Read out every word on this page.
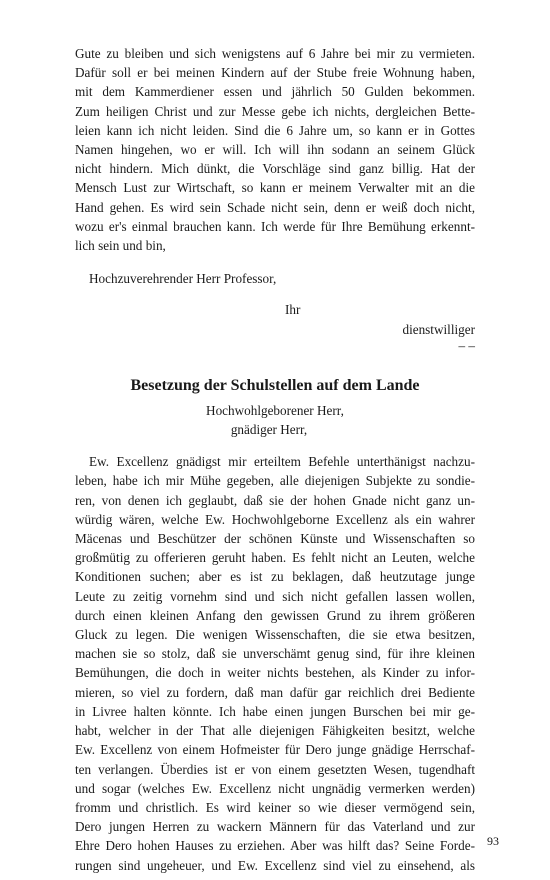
Gute zu bleiben und sich wenigstens auf 6 Jahre bei mir zu vermieten.
Dafür soll er bei meinen Kindern auf der Stube freie Wohnung haben,
mit dem Kammerdiener essen und jährlich 50 Gulden bekommen.
Zum heiligen Christ und zur Messe gebe ich nichts, dergleichen Bette-
leien kann ich nicht leiden. Sind die 6 Jahre um, so kann er in Gottes
Namen hingehen, wo er will. Ich will ihn sodann an seinem Glück
nicht hindern. Mich dünkt, die Vorschläge sind ganz billig. Hat der
Mensch Lust zur Wirtschaft, so kann er meinem Verwalter mit an die
Hand gehen. Es wird sein Schade nicht sein, denn er weiß doch nicht,
wozu er's einmal brauchen kann. Ich werde für Ihre Bemühung erkennt-
lich sein und bin,

Hochzuverehrender Herr Professor,

Ihr

dienstwilliger

– –

Besetzung der Schulstellen auf dem Lande

Hochwohlgeborener Herr,
gnädiger Herr,

Ew. Excellenz gnädigst mir erteiltem Befehle unterthänigst nachzu-
leben, habe ich mir Mühe gegeben, alle diejenigen Subjekte zu sondie-
ren, von denen ich geglaubt, daß sie der hohen Gnade nicht ganz un-
würdig wären, welche Ew. Hochwohlgeborne Excellenz als ein wahrer
Mäcenas und Beschützer der schönen Künste und Wissenschaften so
großmütig zu offerieren geruht haben. Es fehlt nicht an Leuten, welche
Konditionen suchen; aber es ist zu beklagen, daß heutzutage junge
Leute zu zeitig vornehm sind und sich nicht gefallen lassen wollen,
durch einen kleinen Anfang den gewissen Grund zu ihrem größeren
Gluck zu legen. Die wenigen Wissenschaften, die sie etwa besitzen,
machen sie so stolz, daß sie unverschämt genug sind, für ihre kleinen
Bemühungen, die doch in weiter nichts bestehen, als Kinder zu infor-
mieren, so viel zu fordern, daß man dafür gar reichlich drei Bediente
in Livree halten könnte. Ich habe einen jungen Burschen bei mir ge-
habt, welcher in der That alle diejenigen Fähigkeiten besitzt, welche
Ew. Excellenz von einem Hofmeister für Dero junge gnädige Herrschaf-
ten verlangen. Überdies ist er von einem gesetzten Wesen, tugendhaft
und sogar (welches Ew. Excellenz nicht ungnädig vermerken werden)
fromm und christlich. Es wird keiner so wie dieser vermögend sein,
Dero jungen Herren zu wackern Männern für das Vaterland und zur
Ehre Dero hohen Hauses zu erziehen. Aber was hilft das? Seine Forde-
rungen sind ungeheuer, und Ew. Excellenz sind viel zu einsehend, als
93
